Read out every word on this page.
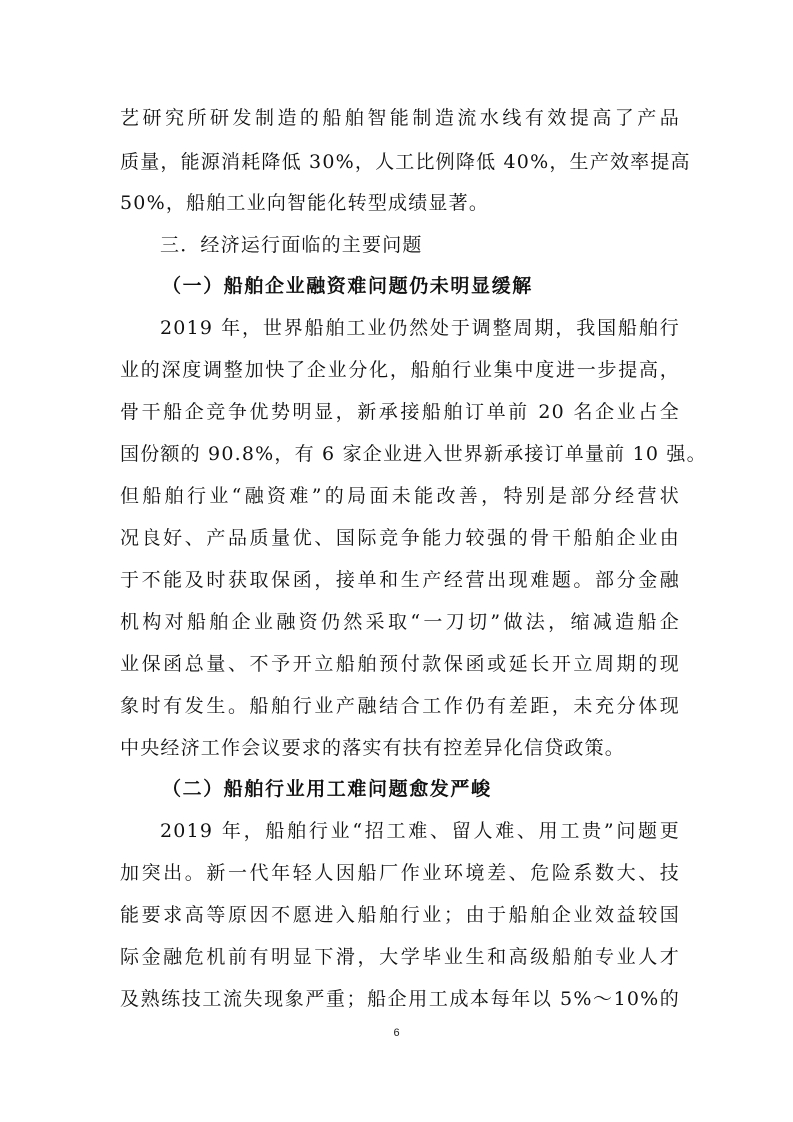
艺研究所研发制造的船舶智能制造流水线有效提高了产品
质量，能源消耗降低 30%，人工比例降低 40%，生产效率提高
50%，船舶工业向智能化转型成绩显著。
三．经济运行面临的主要问题
（一）船舶企业融资难问题仍未明显缓解
2019 年，世界船舶工业仍然处于调整周期，我国船舶行
业的深度调整加快了企业分化，船舶行业集中度进一步提高，
骨干船企竞争优势明显，新承接船舶订单前 20 名企业占全
国份额的 90.8%，有 6 家企业进入世界新承接订单量前 10 强。
但船舶行业“融资难”的局面未能改善，特别是部分经营状
况良好、产品质量优、国际竞争能力较强的骨干船舶企业由
于不能及时获取保函，接单和生产经营出现难题。部分金融
机构对船舶企业融资仍然采取“一刀切”做法，缩减造船企
业保函总量、不予开立船舶预付款保函或延长开立周期的现
象时有发生。船舶行业产融结合工作仍有差距，未充分体现
中央经济工作会议要求的落实有扶有控差异化信贷政策。
（二）船舶行业用工难问题愈发严峻
2019 年，船舶行业“招工难、留人难、用工贵”问题更
加突出。新一代年轻人因船厂作业环境差、危险系数大、技
能要求高等原因不愿进入船舶行业；由于船舶企业效益较国
际金融危机前有明显下滑，大学毕业生和高级船舶专业人才
及熟练技工流失现象严重；船企用工成本每年以 5%～10%的
6
